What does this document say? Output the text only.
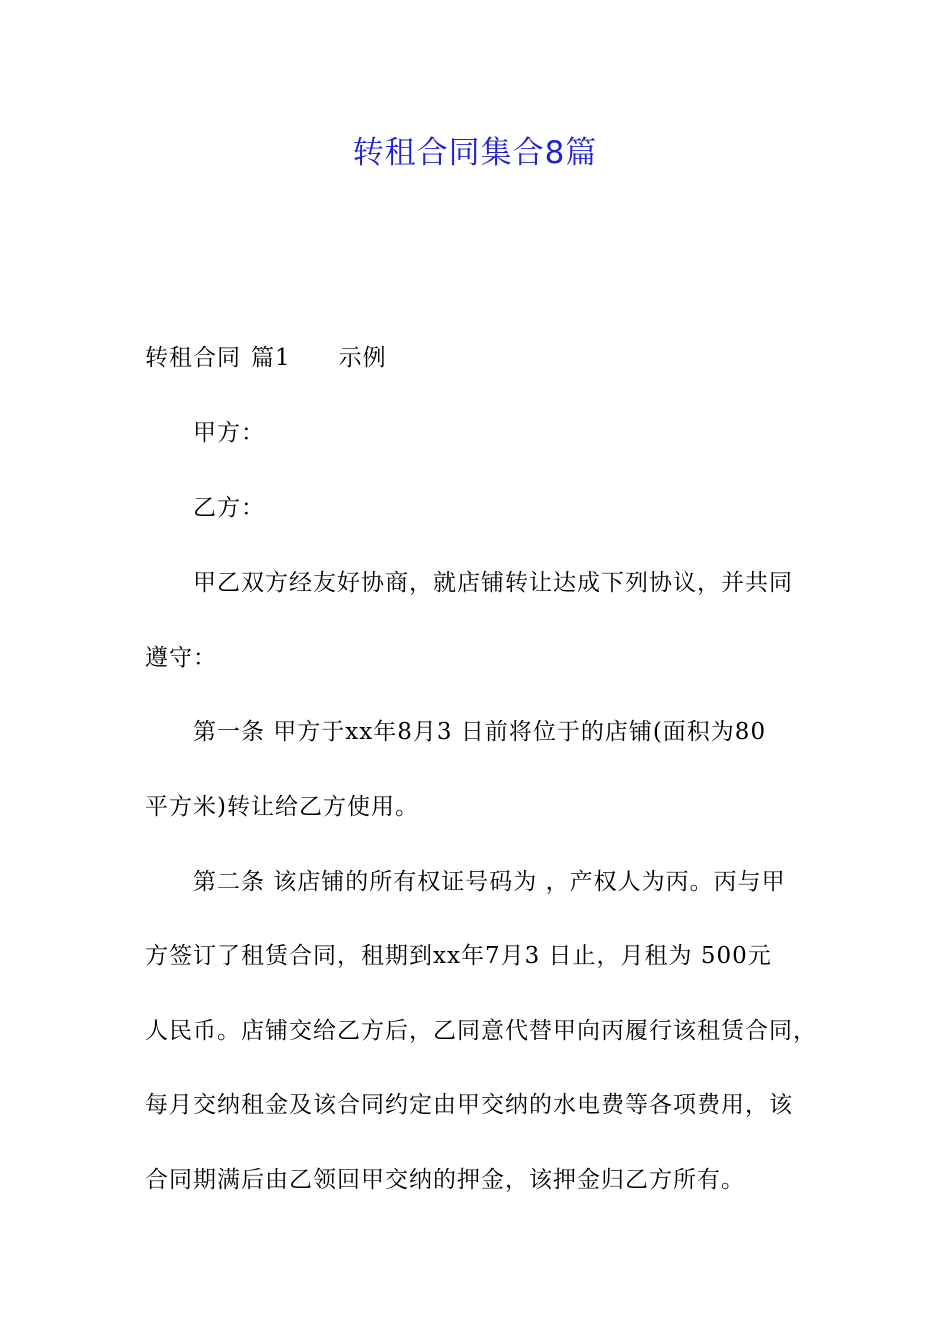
转租合同集合8篇
转租合同 篇1 示例
甲方：
乙方：
甲乙双方经友好协商，就店铺转让达成下列协议，并共同
遵守：
第一条 甲方于xx年8月3 日前将位于的店铺(面积为80
平方米)转让给乙方使用。
第二条 该店铺的所有权证号码为 ，产权人为丙。丙与甲
方签订了租赁合同，租期到xx年7月3 日止，月租为 500元
人民币。店铺交给乙方后，乙同意代替甲向丙履行该租赁合同，
每月交纳租金及该合同约定由甲交纳的水电费等各项费用，该
合同期满后由乙领回甲交纳的押金，该押金归乙方所有。
